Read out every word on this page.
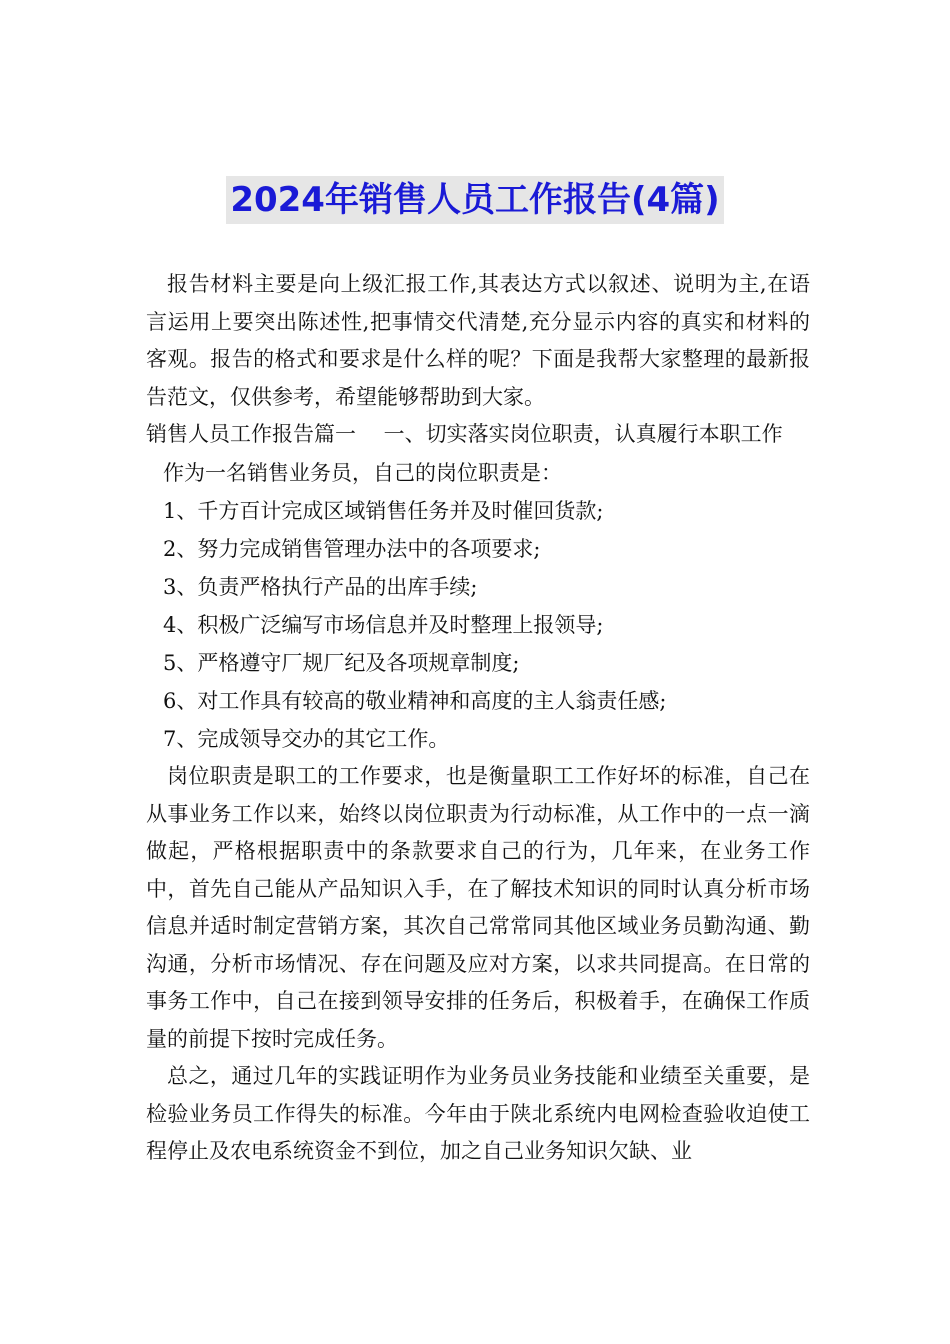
2024年销售人员工作报告(4篇)

报告材料主要是向上级汇报工作,其表达方式以叙述、说明为主,在语言运用上要突出陈述性,把事情交代清楚,充分显示内容的真实和材料的客观。报告的格式和要求是什么样的呢？下面是我帮大家整理的最新报告范文，仅供参考，希望能够帮助到大家。

销售人员工作报告篇一　 一、切实落实岗位职责，认真履行本职工作

作为一名销售业务员，自己的岗位职责是：

1、千方百计完成区域销售任务并及时催回货款;

2、努力完成销售管理办法中的各项要求;

3、负责严格执行产品的出库手续;

4、积极广泛编写市场信息并及时整理上报领导;

5、严格遵守厂规厂纪及各项规章制度;

6、对工作具有较高的敬业精神和高度的主人翁责任感;

7、完成领导交办的其它工作。

岗位职责是职工的工作要求，也是衡量职工工作好坏的标准，自己在从事业务工作以来，始终以岗位职责为行动标准，从工作中的一点一滴做起，严格根据职责中的条款要求自己的行为，几年来，在业务工作中，首先自己能从产品知识入手，在了解技术知识的同时认真分析市场信息并适时制定营销方案，其次自己常常同其他区域业务员勤沟通、勤沟通，分析市场情况、存在问题及应对方案，以求共同提高。在日常的事务工作中，自己在接到领导安排的任务后，积极着手，在确保工作质量的前提下按时完成任务。

总之，通过几年的实践证明作为业务员业务技能和业绩至关重要，是检验业务员工作得失的标准。今年由于陕北系统内电网检查验收迫使工程停止及农电系统资金不到位，加之自己业务知识欠缺、业
